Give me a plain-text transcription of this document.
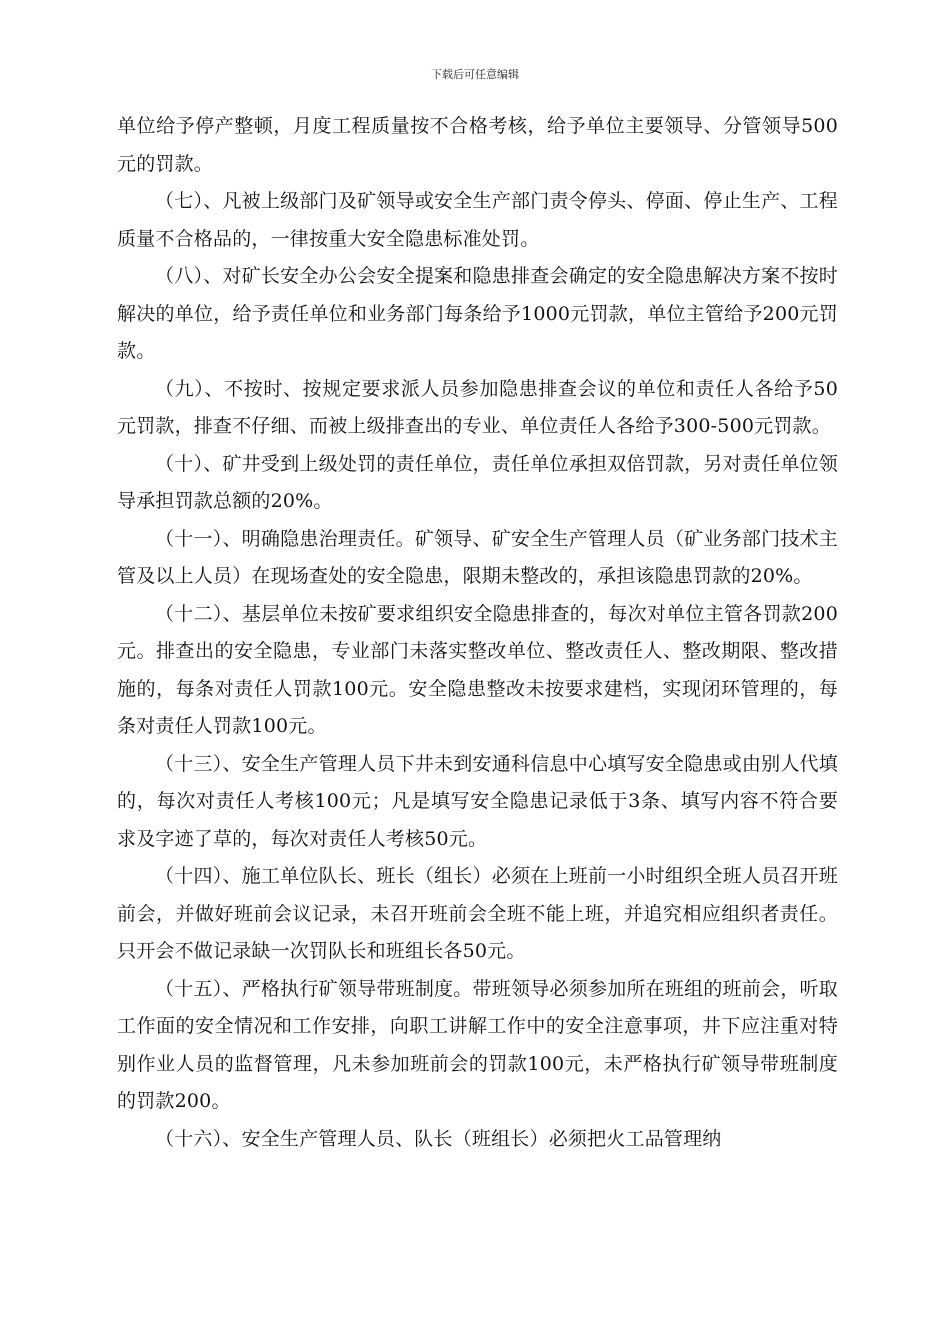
下载后可任意编辑

单位给予停产整顿，月度工程质量按不合格考核，给予单位主要领导、分管领导500元的罚款。

（七）、凡被上级部门及矿领导或安全生产部门责令停头、停面、停止生产、工程质量不合格品的，一律按重大安全隐患标准处罚。

（八）、对矿长安全办公会安全提案和隐患排查会确定的安全隐患解决方案不按时解决的单位，给予责任单位和业务部门每条给予1000元罚款，单位主管给予200元罚款。

（九）、不按时、按规定要求派人员参加隐患排查会议的单位和责任人各给予50元罚款，排查不仔细、而被上级排查出的专业、单位责任人各给予300-500元罚款。

（十）、矿井受到上级处罚的责任单位，责任单位承担双倍罚款，另对责任单位领导承担罚款总额的20%。

（十一）、明确隐患治理责任。矿领导、矿安全生产管理人员（矿业务部门技术主管及以上人员）在现场查处的安全隐患，限期未整改的，承担该隐患罚款的20%。

（十二）、基层单位未按矿要求组织安全隐患排查的，每次对单位主管各罚款200元。排查出的安全隐患，专业部门未落实整改单位、整改责任人、整改期限、整改措施的，每条对责任人罚款100元。安全隐患整改未按要求建档，实现闭环管理的，每条对责任人罚款100元。

（十三）、安全生产管理人员下井未到安通科信息中心填写安全隐患或由别人代填的，每次对责任人考核100元；凡是填写安全隐患记录低于3条、填写内容不符合要求及字迹了草的，每次对责任人考核50元。

（十四）、施工单位队长、班长（组长）必须在上班前一小时组织全班人员召开班前会，并做好班前会议记录，未召开班前会全班不能上班，并追究相应组织者责任。只开会不做记录缺一次罚队长和班组长各50元。

（十五）、严格执行矿领导带班制度。带班领导必须参加所在班组的班前会，听取工作面的安全情况和工作安排，向职工讲解工作中的安全注意事项，井下应注重对特别作业人员的监督管理，凡未参加班前会的罚款100元，未严格执行矿领导带班制度的罚款200。

（十六）、安全生产管理人员、队长（班组长）必须把火工品管理纳
